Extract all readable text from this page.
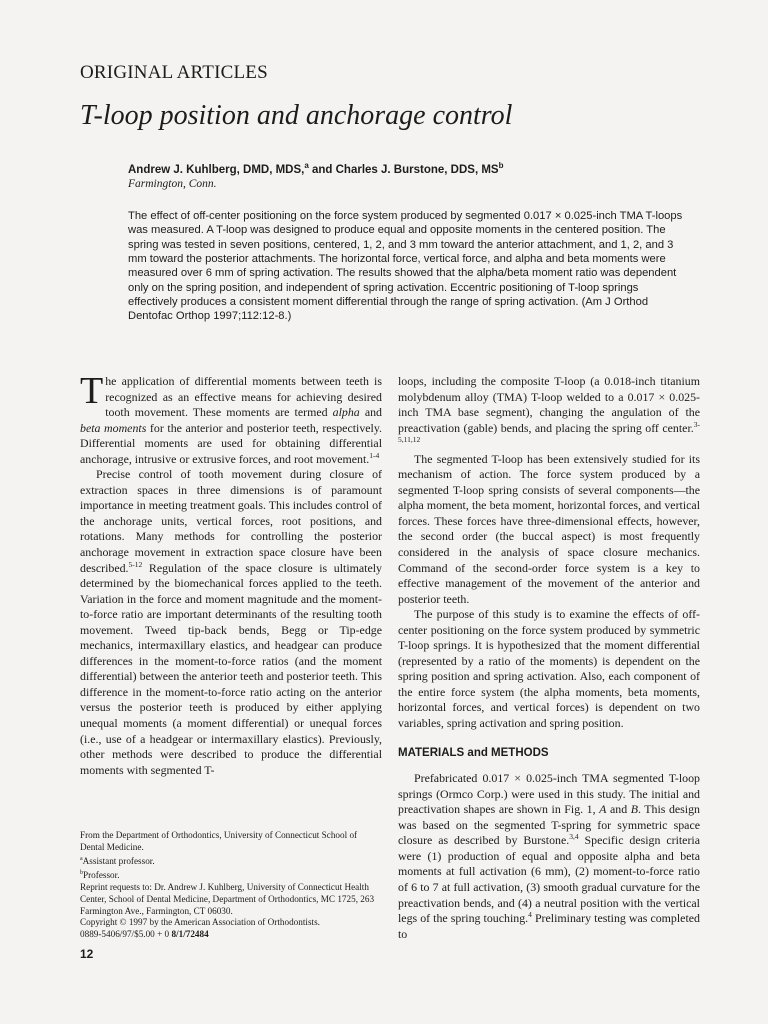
ORIGINAL ARTICLES
T-loop position and anchorage control
Andrew J. Kuhlberg, DMD, MDS,$^a$ and Charles J. Burstone, DDS, $MS^b$
Farmington, Conn.

The effect of off-center positioning on the force system produced by segmented 0.017 × 0.025-inch TMA T-loops was measured. A T-loop was designed to produce equal and opposite moments in the centered position. The spring was tested in seven positions, centered, 1, 2, and 3 mm toward the anterior attachment, and 1, 2, and 3 mm toward the posterior attachments. The horizontal force, vertical force, and alpha and beta moments were measured over 6 mm of spring activation. The results showed that the alpha/beta moment ratio was dependent only on the spring position, and independent of spring activation. Eccentric positioning of T-loop springs effectively produces a consistent moment differential through the range of spring activation. (Am J Orthod Dentofac Orthop 1997;112:12-8.)

The application of differential moments between teeth is recognized as an effective means for achieving desired tooth movement. These moments are termed alpha and beta moments for the anterior and posterior teeth, respectively. Differential moments are used for obtaining differential anchorage, intrusive or extrusive forces, and root movement.$^{1-4}$

Precise control of tooth movement during closure of extraction spaces in three dimensions is of paramount importance in meeting treatment goals. This includes control of the anchorage units, vertical forces, root positions, and rotations. Many methods for controlling the posterior anchorage movement in extraction space closure have been described.$^{5-12}$ Regulation of the space closure is ultimately determined by the biomechanical forces applied to the teeth. Variation in the force and moment magnitude and the moment-to-force ratio are important determinants of the resulting tooth movement. Tweed tip-back bends, Begg or Tip-edge mechanics, intermaxillary elastics, and headgear can produce differences in the moment-to-force ratios (and the moment differential) between the anterior teeth and posterior teeth. This difference in the moment-to-force ratio acting on the anterior versus the posterior teeth is produced by either applying unequal moments (a moment differential) or unequal forces (i.e., use of a headgear or intermaxillary elastics). Previously, other methods were described to produce the differential moments with segmented T-

From the Department of Orthodontics, University of Connecticut School of Dental Medicine.
$^a$Assistant professor.
$^b$Professor.
Reprint requests to: Dr. Andrew J. Kuhlberg, University of Connecticut Health Center, School of Dental Medicine, Department of Orthodontics, MC 1725, 263 Farmington Ave., Farmington, CT 06030.
Copyright © 1997 by the American Association of Orthodontists.
0889-5406/97/$5.00 + 0 8/1/72484

loops, including the composite T-loop (a 0.018-inch titanium molybdenum alloy (TMA) T-loop welded to a 0.017 × 0.025-inch TMA base segment), changing the angulation of the preactivation (gable) bends, and placing the spring off center.$^{3-5,11,12}$

The segmented T-loop has been extensively studied for its mechanism of action. The force system produced by a segmented T-loop spring consists of several components—the alpha moment, the beta moment, horizontal forces, and vertical forces. These forces have three-dimensional effects, however, the second order (the buccal aspect) is most frequently considered in the analysis of space closure mechanics. Command of the second-order force system is a key to effective management of the movement of the anterior and posterior teeth.

The purpose of this study is to examine the effects of off-center positioning on the force system produced by symmetric T-loop springs. It is hypothesized that the moment differential (represented by a ratio of the moments) is dependent on the spring position and spring activation. Also, each component of the entire force system (the alpha moments, beta moments, horizontal forces, and vertical forces) is dependent on two variables, spring activation and spring position.

MATERIALS and METHODS

Prefabricated 0.017 × 0.025-inch TMA segmented T-loop springs (Ormco Corp.) were used in this study. The initial and preactivation shapes are shown in Fig. 1, A and B. This design was based on the segmented T-spring for symmetric space closure as described by Burstone.$^{3,4}$ Specific design criteria were (1) production of equal and opposite alpha and beta moments at full activation (6 mm), (2) moment-to-force ratio of 6 to 7 at full activation, (3) smooth gradual curvature for the preactivation bends, and (4) a neutral position with the vertical legs of the spring touching.$^4$ Preliminary testing was completed to

12
